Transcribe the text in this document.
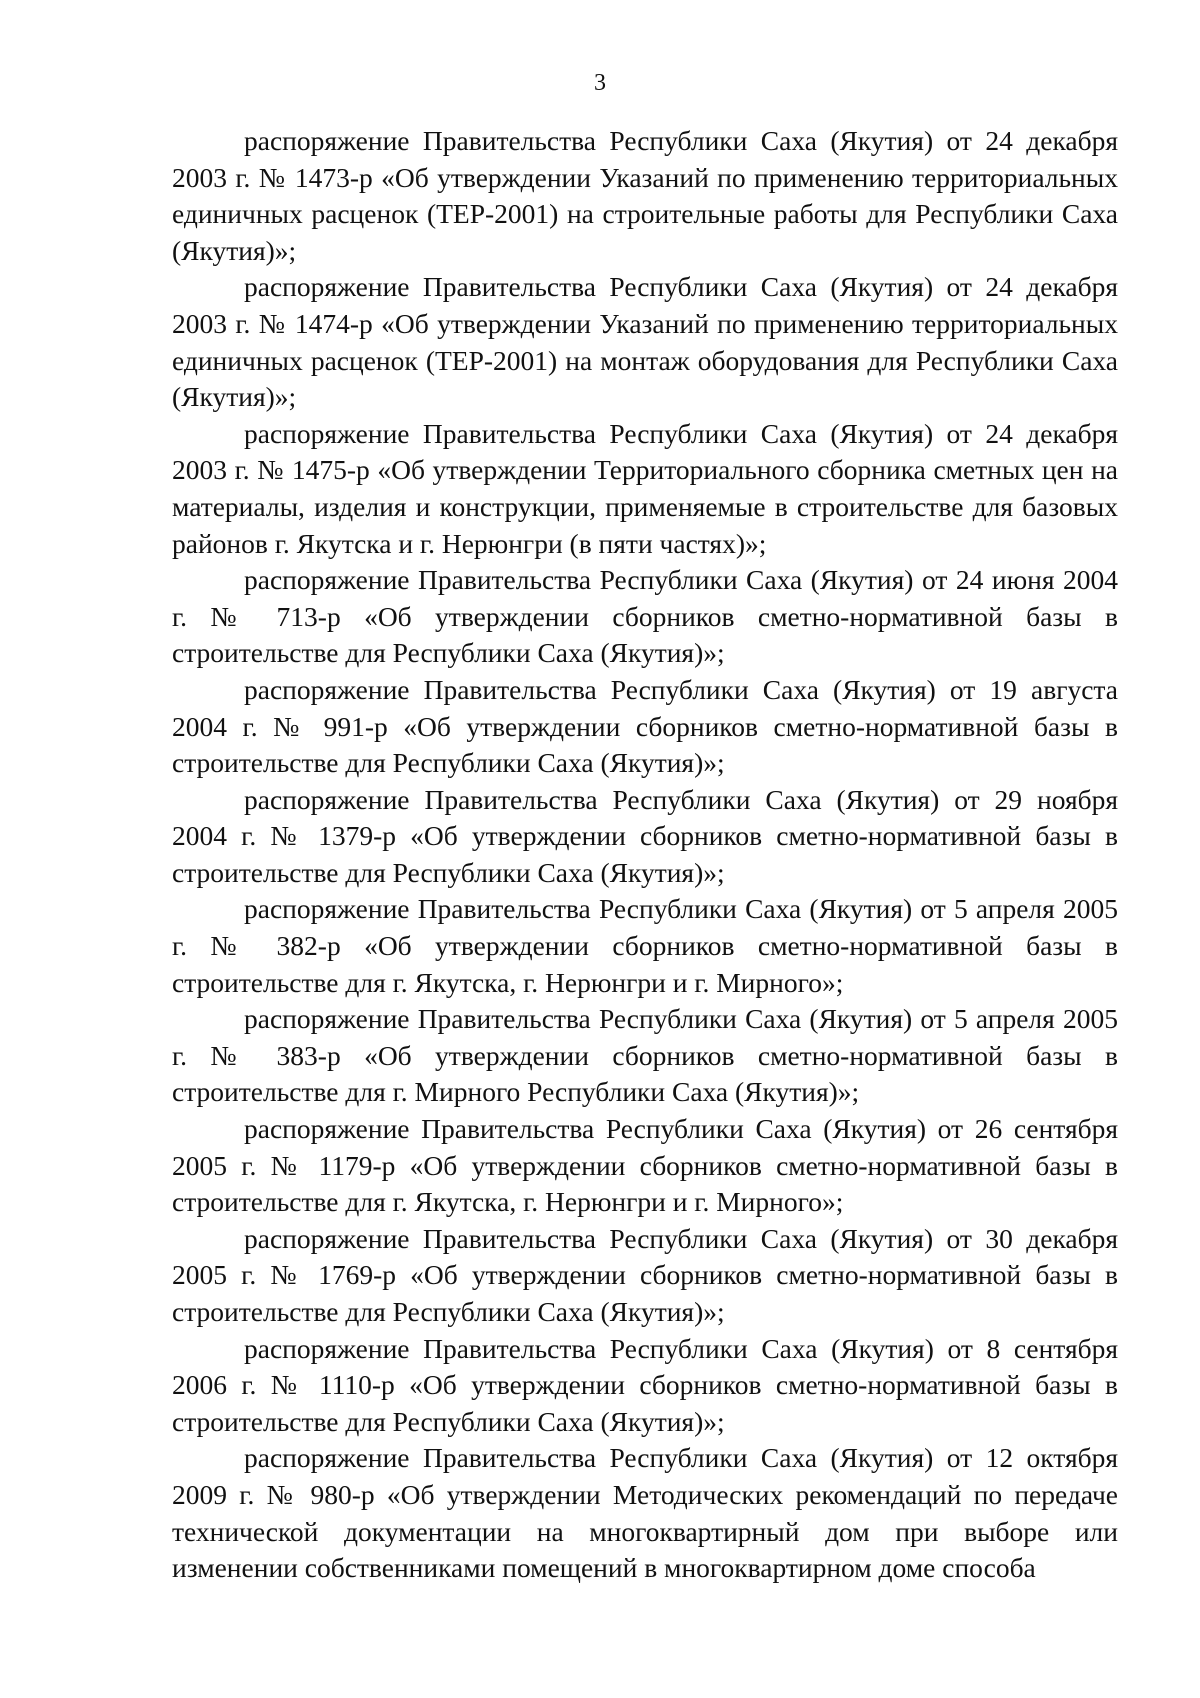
3

распоряжение Правительства Республики Саха (Якутия) от 24 декабря 2003 г. № 1473-р «Об утверждении Указаний по применению территориальных единичных расценок (ТЕР-2001) на строительные работы для Республики Саха (Якутия)»;

распоряжение Правительства Республики Саха (Якутия) от 24 декабря 2003 г. № 1474-р «Об утверждении Указаний по применению территориальных единичных расценок (ТЕР-2001) на монтаж оборудования для Республики Саха (Якутия)»;

распоряжение Правительства Республики Саха (Якутия) от 24 декабря 2003 г. № 1475-р «Об утверждении Территориального сборника сметных цен на материалы, изделия и конструкции, применяемые в строительстве для базовых районов г. Якутска и г. Нерюнгри (в пяти частях)»;

распоряжение Правительства Республики Саха (Якутия) от 24 июня 2004 г. № 713-р «Об утверждении сборников сметно-нормативной базы в строительстве для Республики Саха (Якутия)»;

распоряжение Правительства Республики Саха (Якутия) от 19 августа 2004 г. № 991-р «Об утверждении сборников сметно-нормативной базы в строительстве для Республики Саха (Якутия)»;

распоряжение Правительства Республики Саха (Якутия) от 29 ноября 2004 г. № 1379-р «Об утверждении сборников сметно-нормативной базы в строительстве для Республики Саха (Якутия)»;

распоряжение Правительства Республики Саха (Якутия) от 5 апреля 2005 г. № 382-р «Об утверждении сборников сметно-нормативной базы в строительстве для г. Якутска, г. Нерюнгри и г. Мирного»;

распоряжение Правительства Республики Саха (Якутия) от 5 апреля 2005 г. № 383-р «Об утверждении сборников сметно-нормативной базы в строительстве для г. Мирного Республики Саха (Якутия)»;

распоряжение Правительства Республики Саха (Якутия) от 26 сентября 2005 г. № 1179-р «Об утверждении сборников сметно-нормативной базы в строительстве для г. Якутска, г. Нерюнгри и г. Мирного»;

распоряжение Правительства Республики Саха (Якутия) от 30 декабря 2005 г. № 1769-р «Об утверждении сборников сметно-нормативной базы в строительстве для Республики Саха (Якутия)»;

распоряжение Правительства Республики Саха (Якутия) от 8 сентября 2006 г. № 1110-р «Об утверждении сборников сметно-нормативной базы в строительстве для Республики Саха (Якутия)»;

распоряжение Правительства Республики Саха (Якутия) от 12 октября 2009 г. № 980-р «Об утверждении Методических рекомендаций по передаче технической документации на многоквартирный дом при выборе или изменении собственниками помещений в многоквартирном доме способа
